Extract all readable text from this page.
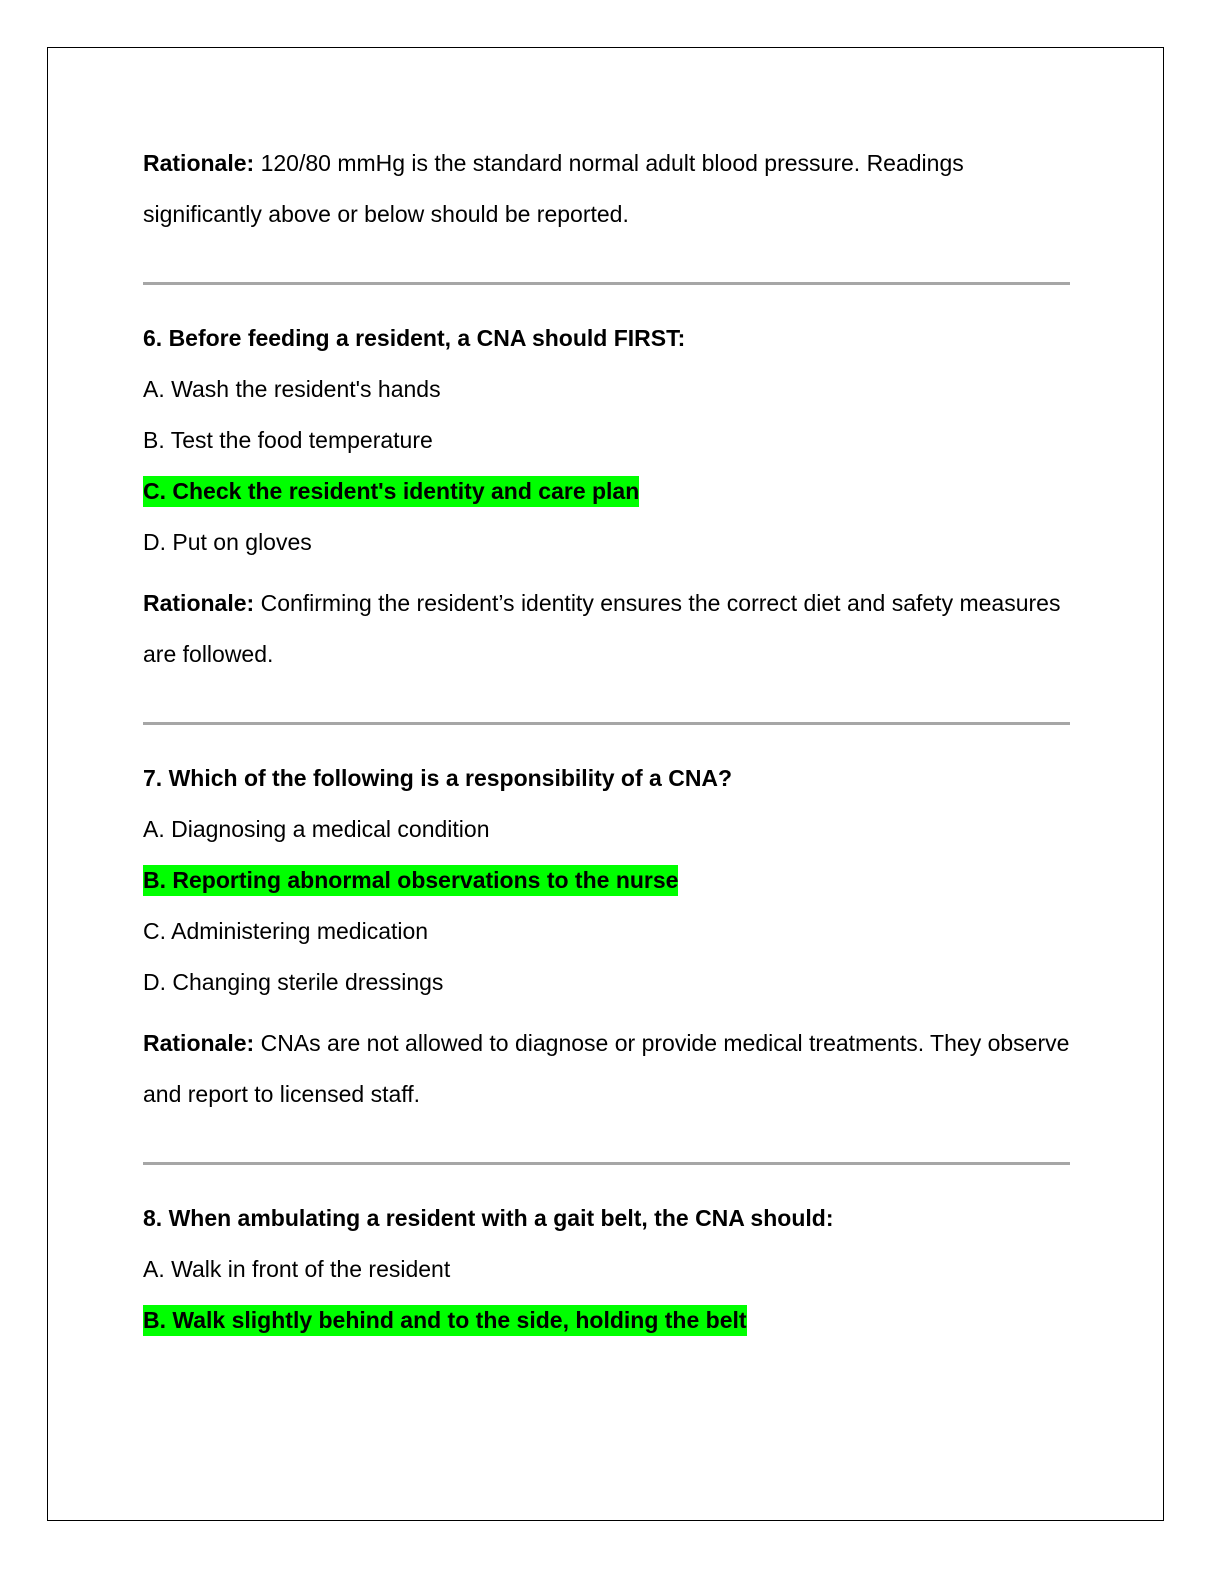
Rationale: 120/80 mmHg is the standard normal adult blood pressure. Readings significantly above or below should be reported.

6. Before feeding a resident, a CNA should FIRST:

A. Wash the resident's hands

B. Test the food temperature

C. Check the resident's identity and care plan

D. Put on gloves

Rationale: Confirming the resident’s identity ensures the correct diet and safety measures are followed.

7. Which of the following is a responsibility of a CNA?

A. Diagnosing a medical condition

B. Reporting abnormal observations to the nurse

C. Administering medication

D. Changing sterile dressings

Rationale: CNAs are not allowed to diagnose or provide medical treatments. They observe and report to licensed staff.

8. When ambulating a resident with a gait belt, the CNA should:

A. Walk in front of the resident

B. Walk slightly behind and to the side, holding the belt
